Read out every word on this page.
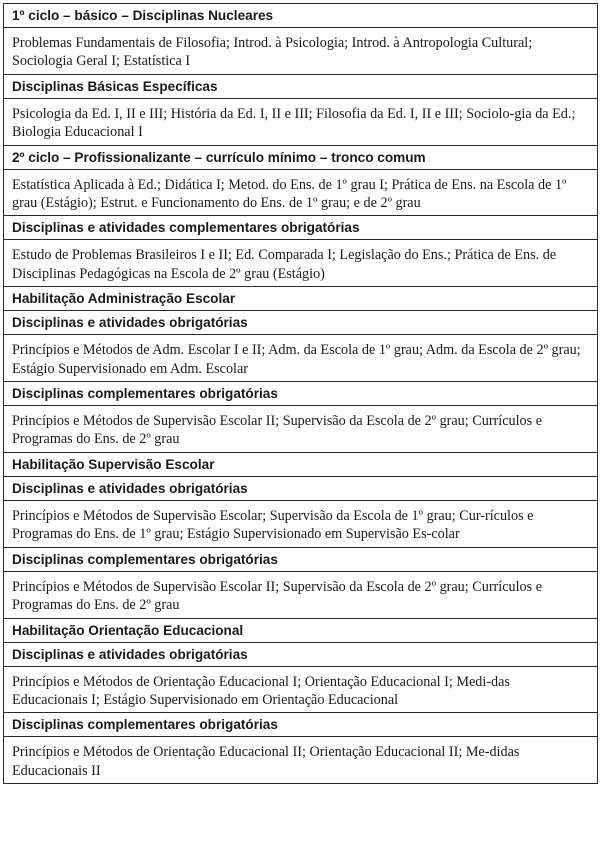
1º ciclo – básico – Disciplinas Nucleares
Problemas Fundamentais de Filosofia; Introd. à Psicologia; Introd. à Antropologia Cultural; Sociologia Geral I; Estatística I
Disciplinas Básicas Específicas
Psicologia da Ed. I, II e III; História da Ed. I, II e III; Filosofia da Ed. I, II e III; Sociolo-gia da Ed.; Biologia Educacional I
2º ciclo – Profissionalizante – currículo mínimo – tronco comum
Estatística Aplicada à Ed.; Didática I; Metod. do Ens. de 1º grau I; Prática de Ens. na Escola de 1º grau (Estágio); Estrut. e Funcionamento do Ens. de 1º grau; e de 2º grau
Disciplinas e atividades complementares obrigatórias
Estudo de Problemas Brasileiros I e II; Ed. Comparada I; Legislação do Ens.; Prática de Ens. de Disciplinas Pedagógicas na Escola de 2º grau (Estágio)
Habilitação Administração Escolar
Disciplinas e atividades obrigatórias
Princípios e Métodos de Adm. Escolar I e II; Adm. da Escola de 1º grau; Adm. da Escola de 2º grau; Estágio Supervisionado em Adm. Escolar
Disciplinas complementares obrigatórias
Princípios e Métodos de Supervisão Escolar II; Supervisão da Escola de 2º grau; Currículos e Programas do Ens. de 2º grau
Habilitação Supervisão Escolar
Disciplinas e atividades obrigatórias
Princípios e Métodos de Supervisão Escolar; Supervisão da Escola de 1º grau; Cur-rículos e Programas do Ens. de 1º grau; Estágio Supervisionado em Supervisão Es-colar
Disciplinas complementares obrigatórias
Princípios e Métodos de Supervisão Escolar II; Supervisão da Escola de 2º grau; Currículos e Programas do Ens. de 2º grau
Habilitação Orientação Educacional
Disciplinas e atividades obrigatórias
Princípios e Métodos de Orientação Educacional I; Orientação Educacional I; Medi-das Educacionais I; Estágio Supervisionado em Orientação Educacional
Disciplinas complementares obrigatórias
Princípios e Métodos de Orientação Educacional II; Orientação Educacional II; Me-didas Educacionais II
